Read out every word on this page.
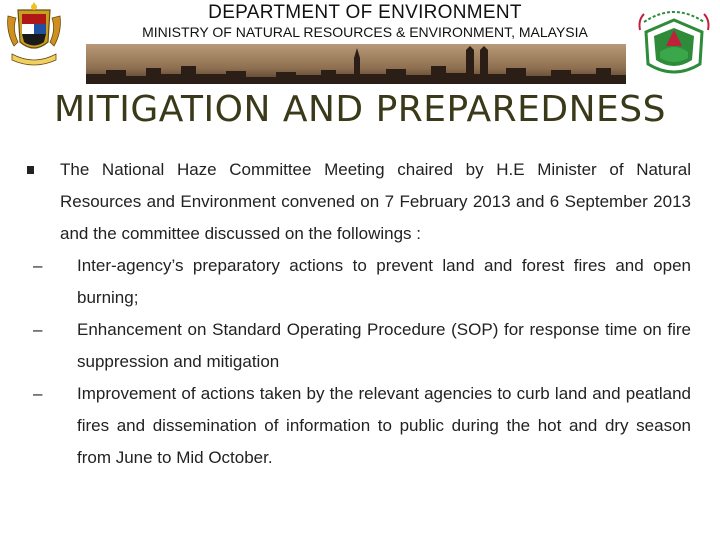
DEPARTMENT OF ENVIRONMENT
MINISTRY OF NATURAL RESOURCES & ENVIRONMENT, MALAYSIA
MITIGATION AND PREPAREDNESS
The National Haze Committee Meeting chaired by H.E Minister of Natural Resources and Environment convened on 7 February 2013 and 6 September 2013 and the committee discussed on the followings :
– Inter-agency’s preparatory actions to prevent land and forest fires and open burning;
– Enhancement on Standard Operating Procedure (SOP) for response time on fire suppression and mitigation
– Improvement of actions taken by the relevant agencies to curb land and peatland fires and dissemination of information to public during the hot and dry season from June to Mid October.
